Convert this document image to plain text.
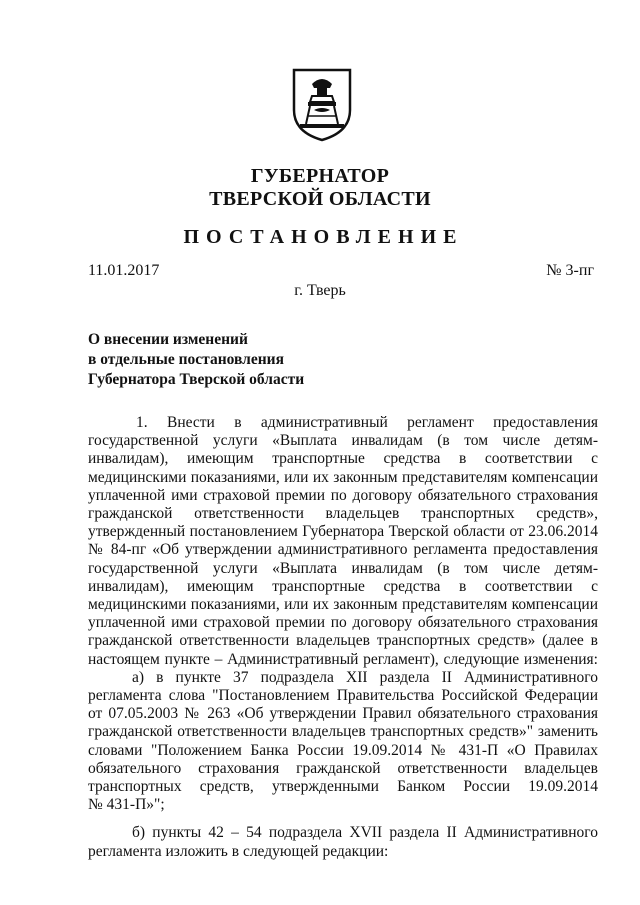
ГУБЕРНАТОР
ТВЕРСКОЙ ОБЛАСТИ
ПОСТАНОВЛЕНИЕ
11.01.2017	№ 3-пг
г. Тверь
О внесении изменений
в отдельные постановления
Губернатора Тверской области
1. Внести в административный регламент предоставления
государственной услуги «Выплата инвалидам (в том числе детям-
инвалидам), имеющим транспортные средства в соответствии с
медицинскими показаниями, или их законным представителям компенсации
уплаченной ими страховой премии по договору обязательного страхования
гражданской ответственности владельцев транспортных средств»,
утвержденный постановлением Губернатора Тверской области от 23.06.2014
№ 84-пг «Об утверждении административного регламента предоставления
государственной услуги «Выплата инвалидам (в том числе детям-
инвалидам), имеющим транспортные средства в соответствии с
медицинскими показаниями, или их законным представителям компенсации
уплаченной ими страховой премии по договору обязательного страхования
гражданской ответственности владельцев транспортных средств» (далее в
настоящем пункте – Административный регламент), следующие изменения:
а) в пункте 37 подраздела XII раздела II Административного
регламента слова "Постановлением Правительства Российской Федерации
от 07.05.2003 № 263 «Об утверждении Правил обязательного страхования
гражданской ответственности владельцев транспортных средств»" заменить
словами "Положением Банка России 19.09.2014 № 431-П «О Правилах
обязательного страхования гражданской ответственности владельцев
транспортных средств, утвержденными Банком России 19.09.2014
№ 431-П»";
б) пункты 42 – 54 подраздела XVII раздела II Административного
регламента изложить в следующей редакции:
